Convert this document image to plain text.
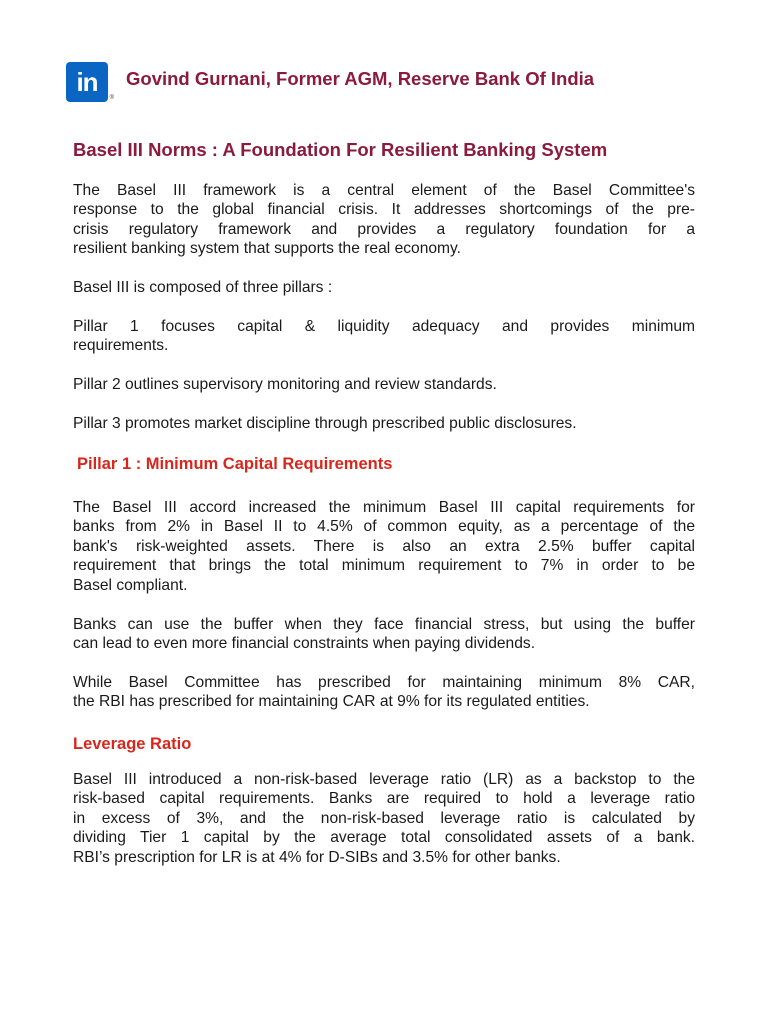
in
®
Govind Gurnani, Former AGM, Reserve Bank Of India
Basel III Norms : A Foundation For Resilient Banking System
The Basel III framework is a central element of the Basel Committee's
response to the global financial crisis. It addresses shortcomings of the pre-
crisis regulatory framework and provides a regulatory foundation for a
resilient banking system that supports the real economy.

Basel III is composed of three pillars :

Pillar 1 focuses capital & liquidity adequacy and provides minimum
requirements.

Pillar 2 outlines supervisory monitoring and review standards.

Pillar 3 promotes market discipline through prescribed public disclosures.

Pillar 1 : Minimum Capital Requirements
The Basel III accord increased the minimum Basel III capital requirements for
banks from 2% in Basel II to 4.5% of common equity, as a percentage of the
bank's risk-weighted assets. There is also an extra 2.5% buffer capital
requirement that brings the total minimum requirement to 7% in order to be
Basel compliant.
Banks can use the buffer when they face financial stress, but using the buffer
can lead to even more financial constraints when paying dividends.
While Basel Committee has prescribed for maintaining minimum 8% CAR,
the RBI has prescribed for maintaining CAR at 9% for its regulated entities.
Leverage Ratio
Basel III introduced a non-risk-based leverage ratio (LR) as a backstop to the
risk-based capital requirements. Banks are required to hold a leverage ratio
in excess of 3%, and the non-risk-based leverage ratio is calculated by
dividing Tier 1 capital by the average total consolidated assets of a bank.
RBI’s prescription for LR is at 4% for D-SIBs and 3.5% for other banks.
